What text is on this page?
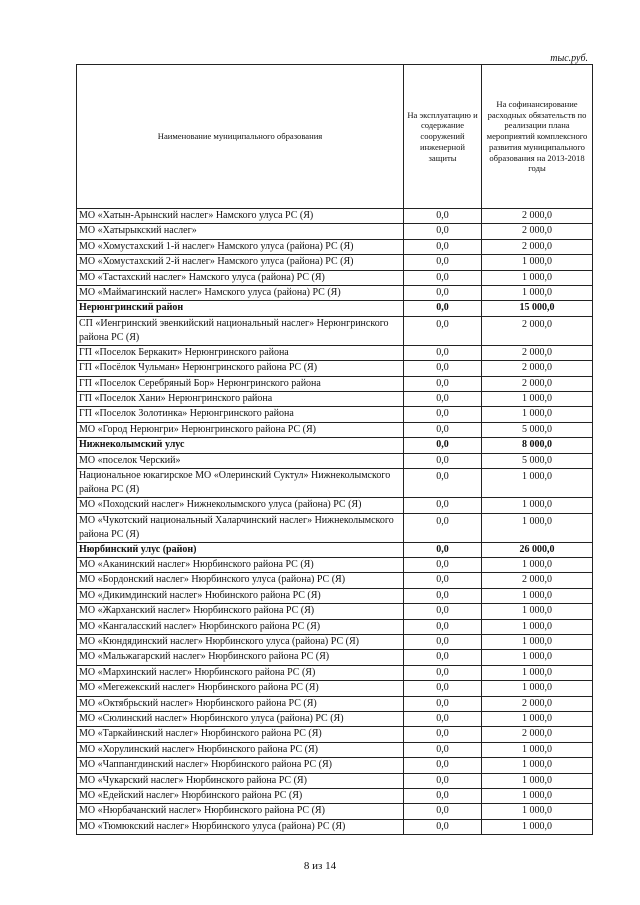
тыс.руб.
Наименование муниципального образования	На эксплуатацию и содержание сооружений инженерной защиты	На софинансирование расходных обязательств по реализации плана мероприятий комплексного развития муниципального образования на 2013-2018 годы
МО «Хатын-Арынский наслег» Намского улуса РС (Я)	0,0	2 000,0
МО «Хатырыкский наслег»	0,0	2 000,0
МО «Хомустахский 1-й наслег» Намского улуса (района) РС (Я)	0,0	2 000,0
МО «Хомустахский 2-й наслег» Намского улуса (района) РС (Я)	0,0	1 000,0
МО «Тастахский наслег» Намского улуса (района) РС (Я)	0,0	1 000,0
МО «Маймагинский наслег» Намского улуса (района) РС (Я)	0,0	1 000,0
Нерюнгринский район	0,0	15 000,0
СП «Иенгринский эвенкийский национальный наслег» Нерюнгринского района РС (Я)	0,0	2 000,0
ГП «Поселок Беркакит» Нерюнгринского района	0,0	2 000,0
ГП «Посёлок Чульман» Нерюнгринского района РС (Я)	0,0	2 000,0
ГП «Поселок Серебряный Бор» Нерюнгринского района	0,0	2 000,0
ГП «Поселок Хани» Нерюнгринского района	0,0	1 000,0
ГП «Поселок Золотинка» Нерюнгринского района	0,0	1 000,0
МО «Город Нерюнгри» Нерюнгринского района РС (Я)	0,0	5 000,0
Нижнеколымский улус	0,0	8 000,0
МО «поселок Черский»	0,0	5 000,0
Национальное юкагирское МО «Олеринский Суктул» Нижнеколымского района РС (Я)	0,0	1 000,0
МО «Походский наслег» Нижнеколымского улуса (района) РС (Я)	0,0	1 000,0
МО «Чукотский национальный Халарчинский наслег» Нижнеколымского района РС (Я)	0,0	1 000,0
Нюрбинский улус (район)	0,0	26 000,0
МО «Аканинский наслег» Нюрбинского района РС (Я)	0,0	1 000,0
МО «Бордонский наслег» Нюрбинского улуса (района) РС (Я)	0,0	2 000,0
МО «Дикимдинский наслег» Нюбинского района РС (Я)	0,0	1 000,0
МО «Жарханский наслег» Нюрбинского района РС (Я)	0,0	1 000,0
МО «Кангаласский наслег» Нюрбинского района РС (Я)	0,0	1 000,0
МО «Кюндядинский наслег» Нюрбинского улуса (района) РС (Я)	0,0	1 000,0
МО «Мальжагарский наслег» Нюрбинского района РС (Я)	0,0	1 000,0
МО «Мархинский наслег» Нюрбинского района РС (Я)	0,0	1 000,0
МО «Мегежекский наслег» Нюрбинского района РС (Я)	0,0	1 000,0
МО «Октябрьский наслег» Нюрбинского района РС (Я)	0,0	2 000,0
МО «Сюлинский наслег» Нюрбинского улуса (района) РС (Я)	0,0	1 000,0
МО «Таркайинский наслег» Нюрбинского района РС (Я)	0,0	2 000,0
МО «Хорулинский наслег» Нюрбинского района РС (Я)	0,0	1 000,0
МО «Чаппангдинский наслег» Нюрбинского района РС (Я)	0,0	1 000,0
МО «Чукарский наслег» Нюрбинского района РС (Я)	0,0	1 000,0
МО «Едейский наслег» Нюрбинского района РС (Я)	0,0	1 000,0
МО «Нюрбачанский наслег» Нюрбинского района РС (Я)	0,0	1 000,0
МО «Тюмюкский наслег» Нюрбинского улуса (района) РС (Я)	0,0	1 000,0
8 из 14
